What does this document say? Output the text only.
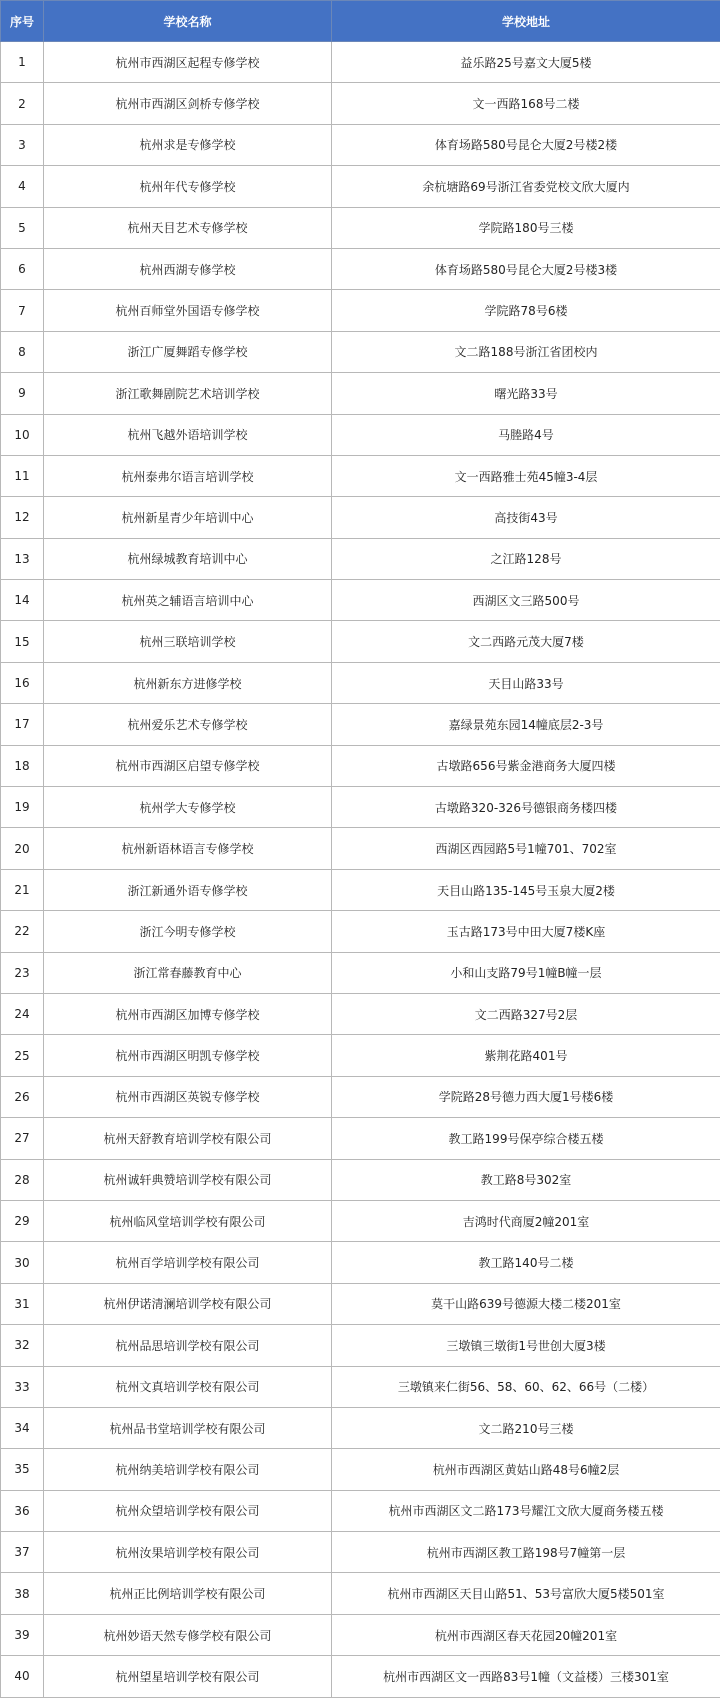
序号	学校名称	学校地址
1	杭州市西湖区起程专修学校	益乐路25号嘉文大厦5楼
2	杭州市西湖区剑桥专修学校	文一西路168号二楼
3	杭州求是专修学校	体育场路580号昆仑大厦2号楼2楼
4	杭州年代专修学校	余杭塘路69号浙江省委党校文欣大厦内
5	杭州天目艺术专修学校	学院路180号三楼
6	杭州西湖专修学校	体育场路580号昆仑大厦2号楼3楼
7	杭州百师堂外国语专修学校	学院路78号6楼
8	浙江广厦舞蹈专修学校	文二路188号浙江省团校内
9	浙江歌舞剧院艺术培训学校	曙光路33号
10	杭州飞越外语培训学校	马塍路4号
11	杭州泰弗尔语言培训学校	文一西路雅士苑45幢3-4层
12	杭州新星青少年培训中心	高技街43号
13	杭州绿城教育培训中心	之江路128号
14	杭州英之辅语言培训中心	西湖区文三路500号
15	杭州三联培训学校	文二西路元茂大厦7楼
16	杭州新东方进修学校	天目山路33号
17	杭州爱乐艺术专修学校	嘉绿景苑东园14幢底层2-3号
18	杭州市西湖区启望专修学校	古墩路656号紫金港商务大厦四楼
19	杭州学大专修学校	古墩路320-326号德银商务楼四楼
20	杭州新语林语言专修学校	西湖区西园路5号1幢701、702室
21	浙江新通外语专修学校	天目山路135-145号玉泉大厦2楼
22	浙江今明专修学校	玉古路173号中田大厦7楼K座
23	浙江常春藤教育中心	小和山支路79号1幢B幢一层
24	杭州市西湖区加博专修学校	文二西路327号2层
25	杭州市西湖区明凯专修学校	紫荆花路401号
26	杭州市西湖区英锐专修学校	学院路28号德力西大厦1号楼6楼
27	杭州天舒教育培训学校有限公司	教工路199号保亭综合楼五楼
28	杭州诚轩典赞培训学校有限公司	教工路8号302室
29	杭州临风堂培训学校有限公司	吉鸿时代商厦2幢201室
30	杭州百学培训学校有限公司	教工路140号二楼
31	杭州伊诺清澜培训学校有限公司	莫干山路639号德源大楼二楼201室
32	杭州品思培训学校有限公司	三墩镇三墩街1号世创大厦3楼
33	杭州文真培训学校有限公司	三墩镇来仁街56、58、60、62、66号（二楼）
34	杭州品书堂培训学校有限公司	文二路210号三楼
35	杭州纳美培训学校有限公司	杭州市西湖区黄姑山路48号6幢2层
36	杭州众望培训学校有限公司	杭州市西湖区文二路173号耀江文欣大厦商务楼五楼
37	杭州汝果培训学校有限公司	杭州市西湖区教工路198号7幢第一层
38	杭州正比例培训学校有限公司	杭州市西湖区天目山路51、53号富欣大厦5楼501室
39	杭州妙语天然专修学校有限公司	杭州市西湖区春天花园20幢201室
40	杭州望星培训学校有限公司	杭州市西湖区文一西路83号1幢（文益楼）三楼301室
